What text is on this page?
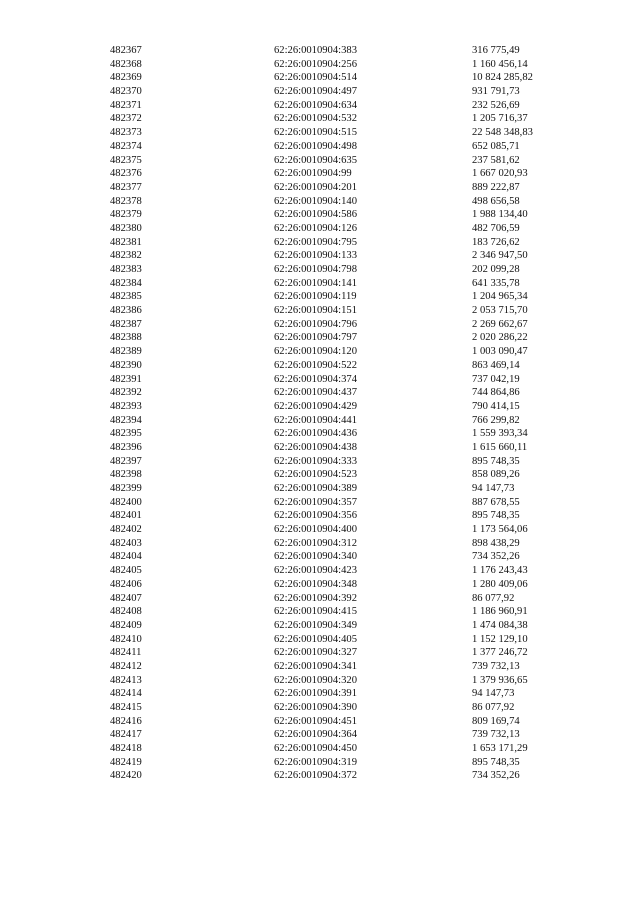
482367	62:26:0010904:383	316 775,49
482368	62:26:0010904:256	1 160 456,14
482369	62:26:0010904:514	10 824 285,82
482370	62:26:0010904:497	931 791,73
482371	62:26:0010904:634	232 526,69
482372	62:26:0010904:532	1 205 716,37
482373	62:26:0010904:515	22 548 348,83
482374	62:26:0010904:498	652 085,71
482375	62:26:0010904:635	237 581,62
482376	62:26:0010904:99	1 667 020,93
482377	62:26:0010904:201	889 222,87
482378	62:26:0010904:140	498 656,58
482379	62:26:0010904:586	1 988 134,40
482380	62:26:0010904:126	482 706,59
482381	62:26:0010904:795	183 726,62
482382	62:26:0010904:133	2 346 947,50
482383	62:26:0010904:798	202 099,28
482384	62:26:0010904:141	641 335,78
482385	62:26:0010904:119	1 204 965,34
482386	62:26:0010904:151	2 053 715,70
482387	62:26:0010904:796	2 269 662,67
482388	62:26:0010904:797	2 020 286,22
482389	62:26:0010904:120	1 003 090,47
482390	62:26:0010904:522	863 469,14
482391	62:26:0010904:374	737 042,19
482392	62:26:0010904:437	744 864,86
482393	62:26:0010904:429	790 414,15
482394	62:26:0010904:441	766 299,82
482395	62:26:0010904:436	1 559 393,34
482396	62:26:0010904:438	1 615 660,11
482397	62:26:0010904:333	895 748,35
482398	62:26:0010904:523	858 089,26
482399	62:26:0010904:389	94 147,73
482400	62:26:0010904:357	887 678,55
482401	62:26:0010904:356	895 748,35
482402	62:26:0010904:400	1 173 564,06
482403	62:26:0010904:312	898 438,29
482404	62:26:0010904:340	734 352,26
482405	62:26:0010904:423	1 176 243,43
482406	62:26:0010904:348	1 280 409,06
482407	62:26:0010904:392	86 077,92
482408	62:26:0010904:415	1 186 960,91
482409	62:26:0010904:349	1 474 084,38
482410	62:26:0010904:405	1 152 129,10
482411	62:26:0010904:327	1 377 246,72
482412	62:26:0010904:341	739 732,13
482413	62:26:0010904:320	1 379 936,65
482414	62:26:0010904:391	94 147,73
482415	62:26:0010904:390	86 077,92
482416	62:26:0010904:451	809 169,74
482417	62:26:0010904:364	739 732,13
482418	62:26:0010904:450	1 653 171,29
482419	62:26:0010904:319	895 748,35
482420	62:26:0010904:372	734 352,26
